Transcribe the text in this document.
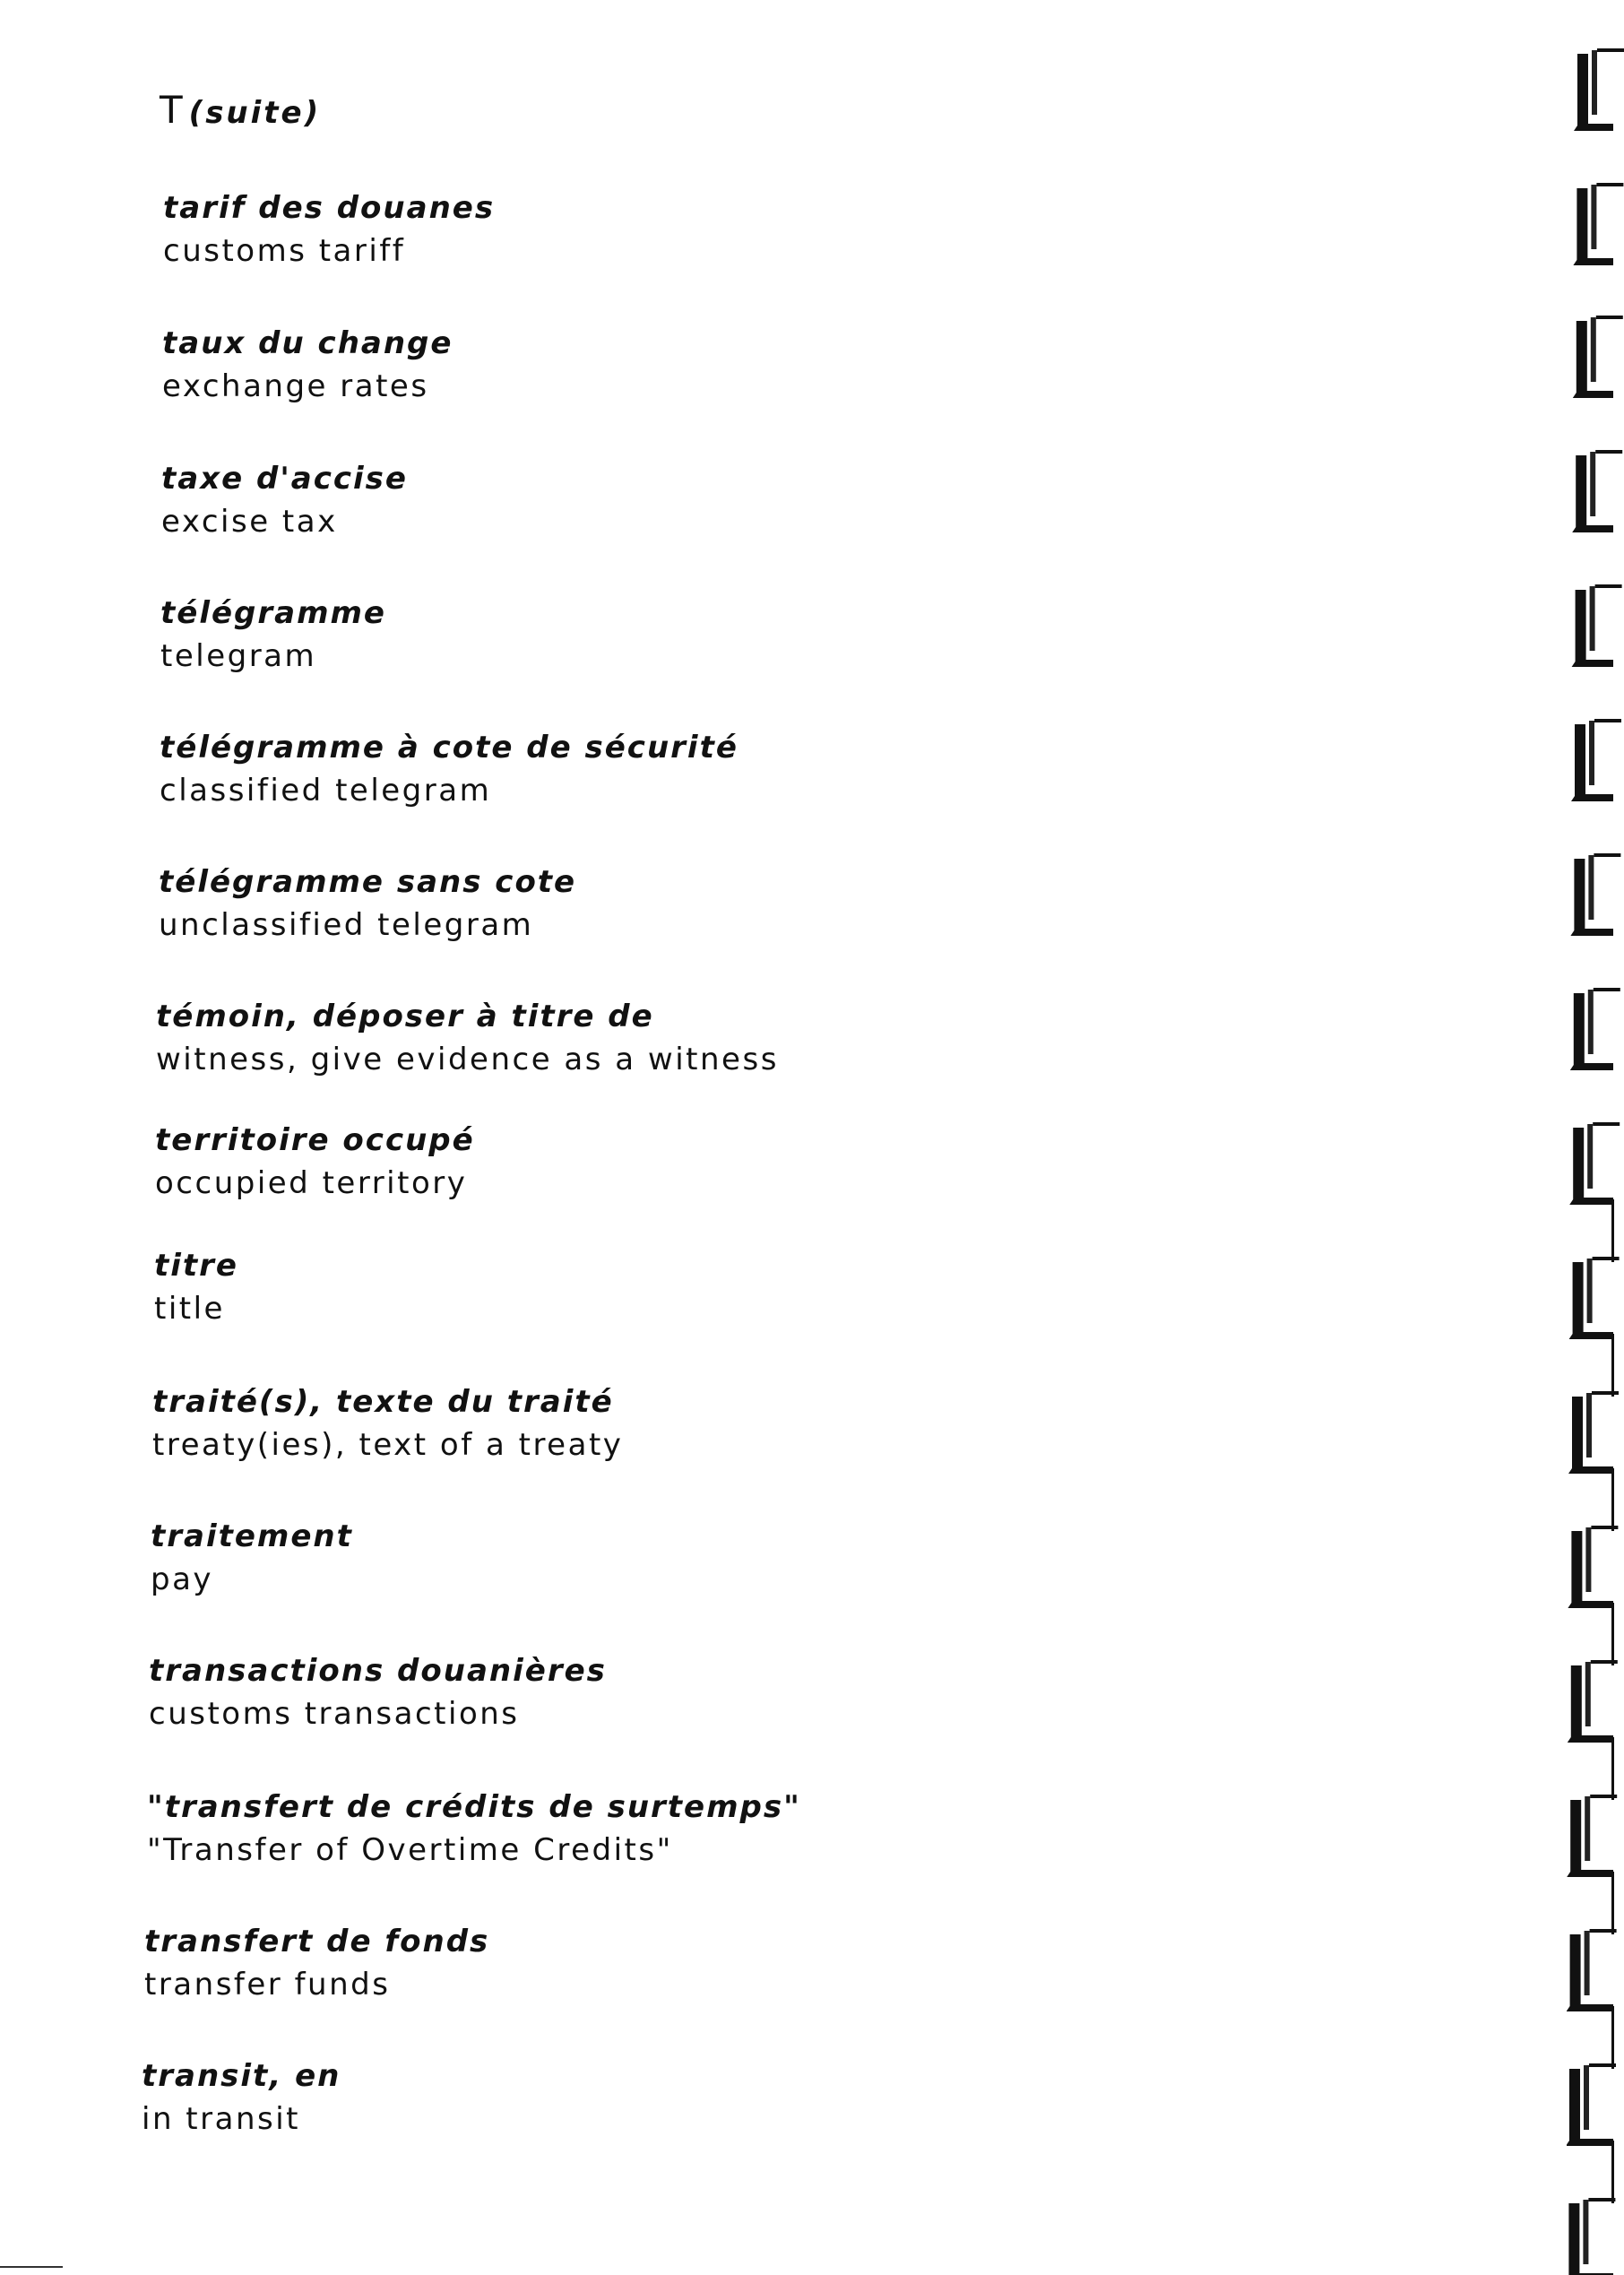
T (suite)
tarif des douanes
customs tariff
taux du change
exchange rates
taxe d'accise
excise tax
télégramme
telegram
télégramme à cote de sécurité
classified telegram
télégramme sans cote
unclassified telegram
témoin, déposer à titre de
witness, give evidence as a witness
territoire occupé
occupied territory
titre
title
traité(s), texte du traité
treaty(ies), text of a treaty
traitement
pay
transactions douanières
customs transactions
"transfert de crédits de surtemps"
"Transfer of Overtime Credits"
transfert de fonds
transfer funds
transit, en
in transit
